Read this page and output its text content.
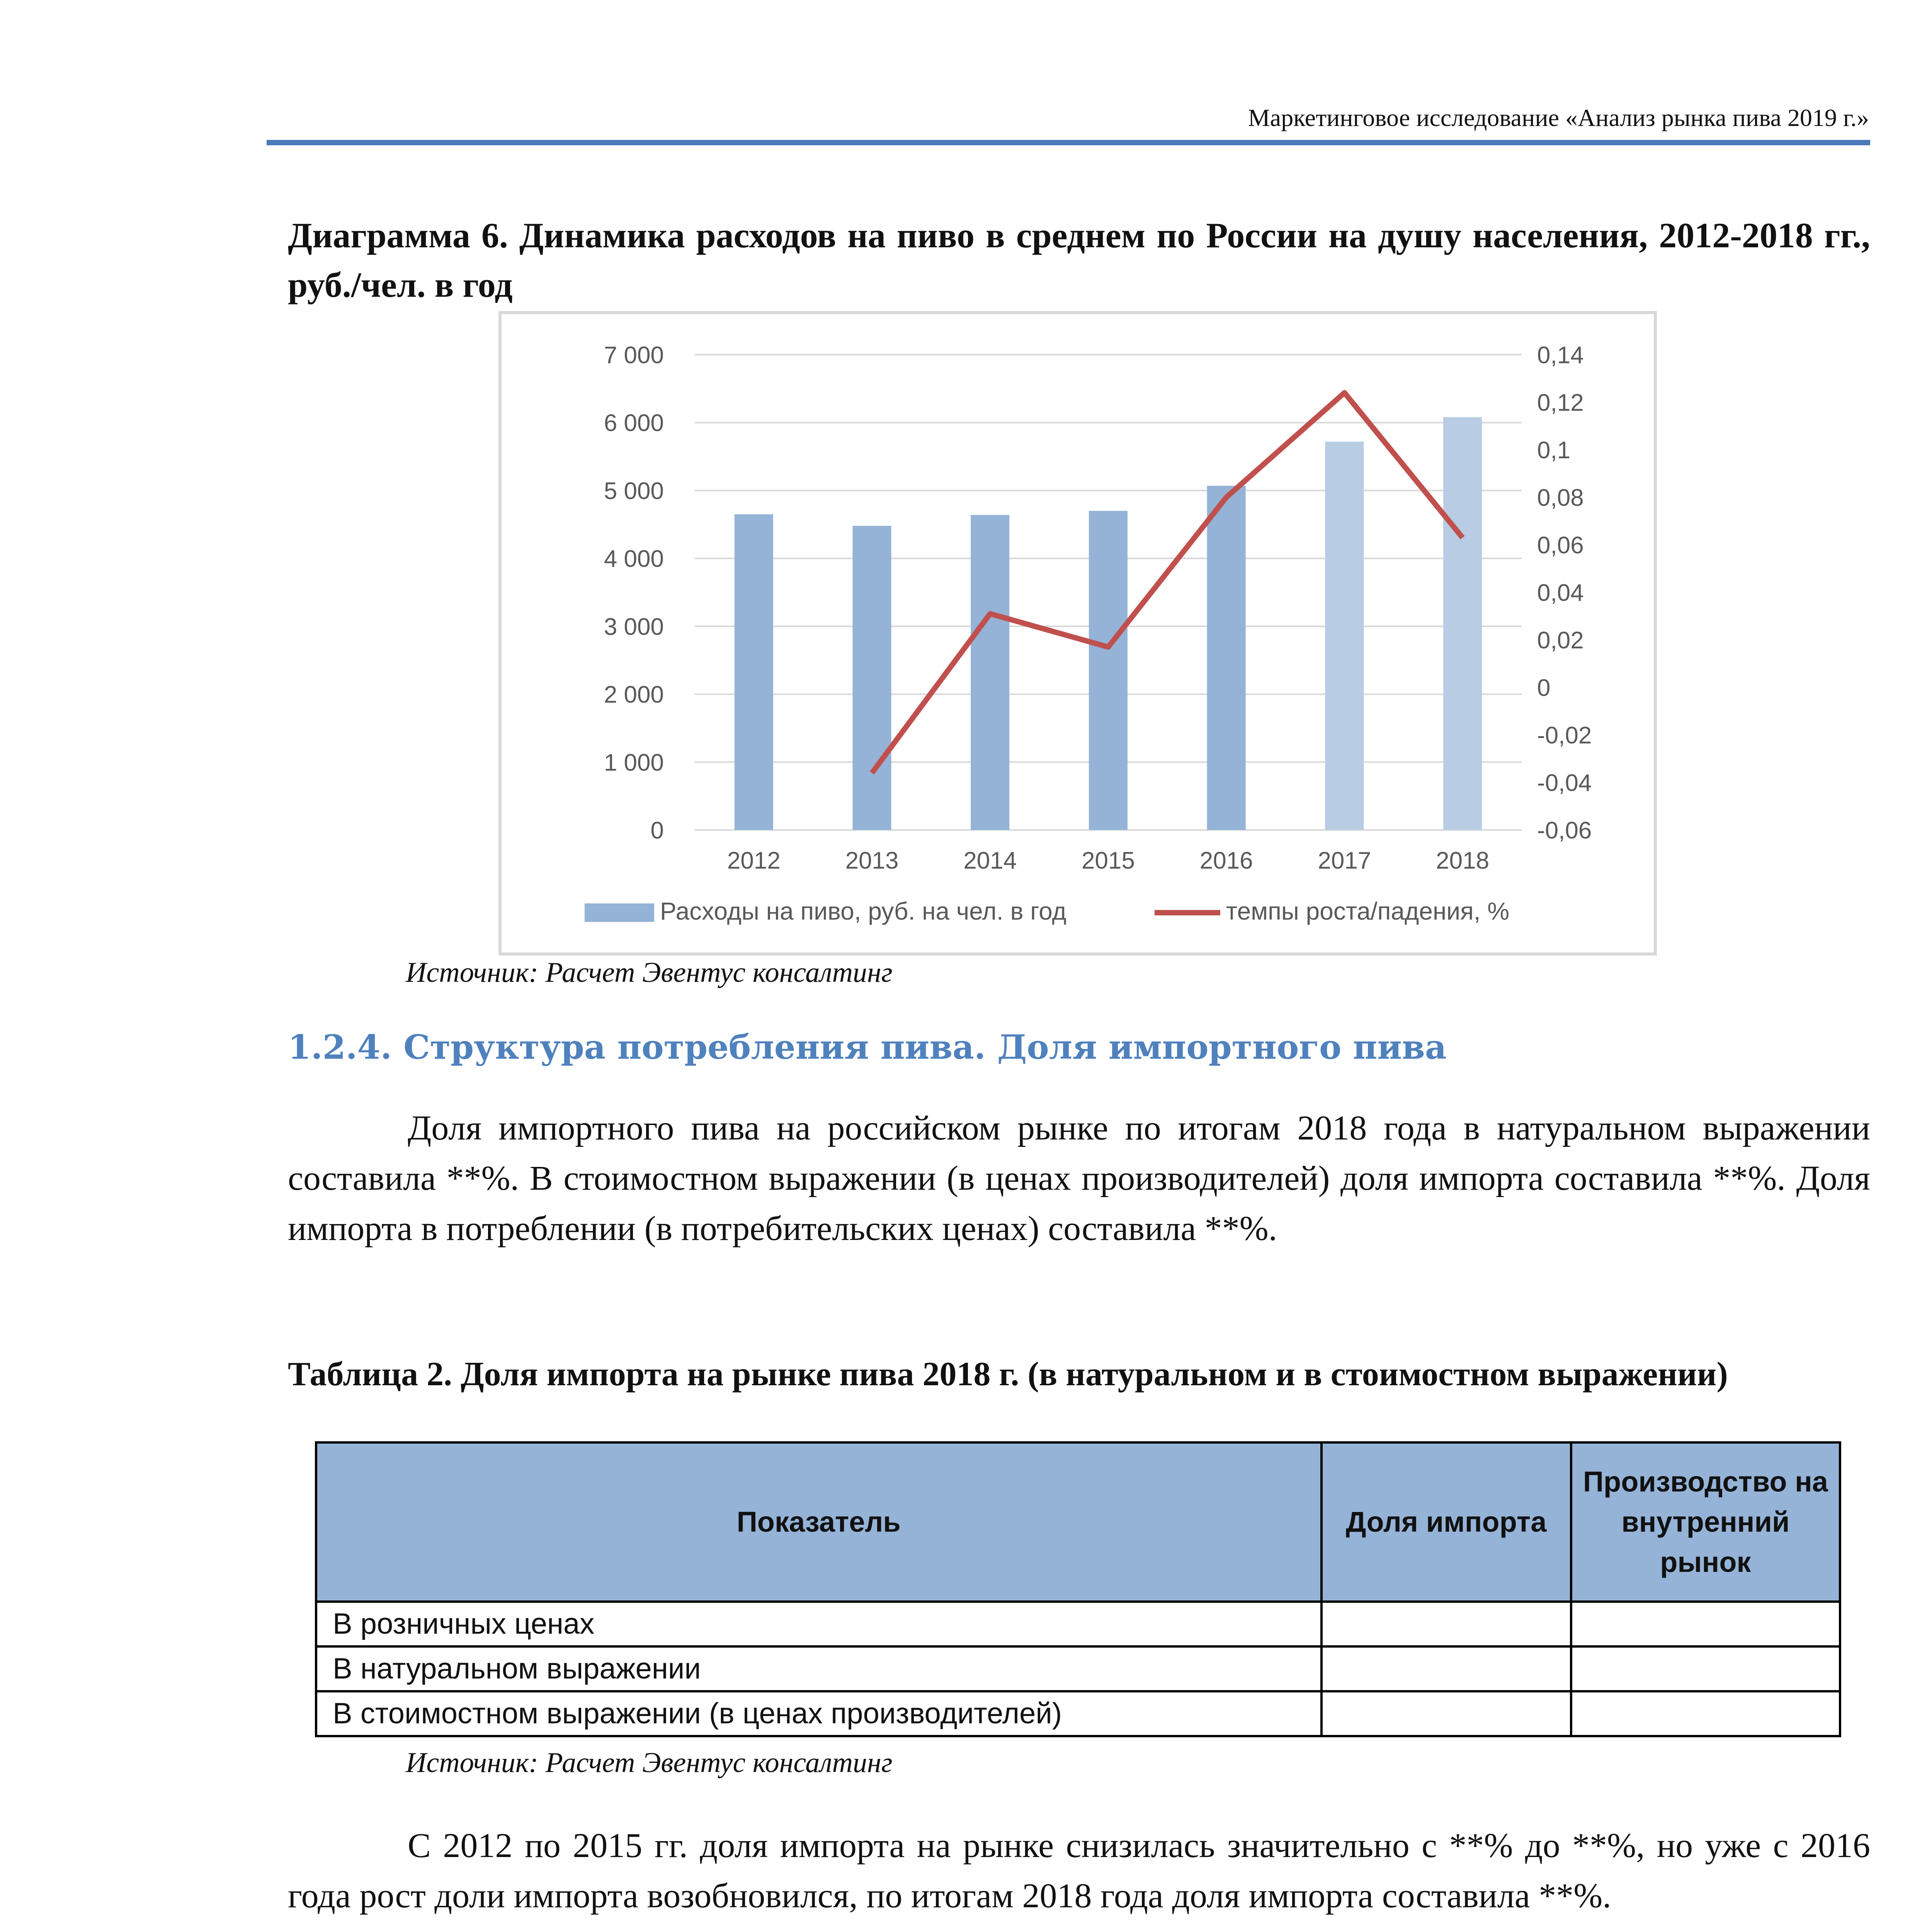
Маркетинговое исследование «Анализ рынка пива 2019 г.»
Диаграмма 6. Динамика расходов на пиво в среднем по России на душу населения, 2012-2018 гг., руб./чел. в год
0
1 000
2 000
3 000
4 000
5 000
6 000
7 000
-0,06
-0,04
-0,02
0
0,02
0,04
0,06
0,08
0,1
0,12
0,14
2012	2013	2014	2015	2016	2017	2018
Расходы на пиво, руб. на чел. в год	темпы роста/падения, %
Источник: Расчет Эвентус консалтинг
1.2.4. Структура потребления пива. Доля импортного пива
Доля импортного пива на российском рынке по итогам 2018 года в натуральном выражении составила **%. В стоимостном выражении (в ценах производителей) доля импорта составила **%. Доля импорта в потреблении (в потребительских ценах) составила **%.
Таблица 2. Доля импорта на рынке пива 2018 г. (в натуральном и в стоимостном выражении)
Показатель	Доля импорта	Производство на внутренний рынок
В розничных ценах		
В натуральном выражении		
В стоимостном выражении (в ценах производителей)		
Источник: Расчет Эвентус консалтинг
С 2012 по 2015 гг. доля импорта на рынке снизилась значительно с **% до **%, но уже с 2016 года рост доли импорта возобновился, по итогам 2018 года доля импорта составила **%.
